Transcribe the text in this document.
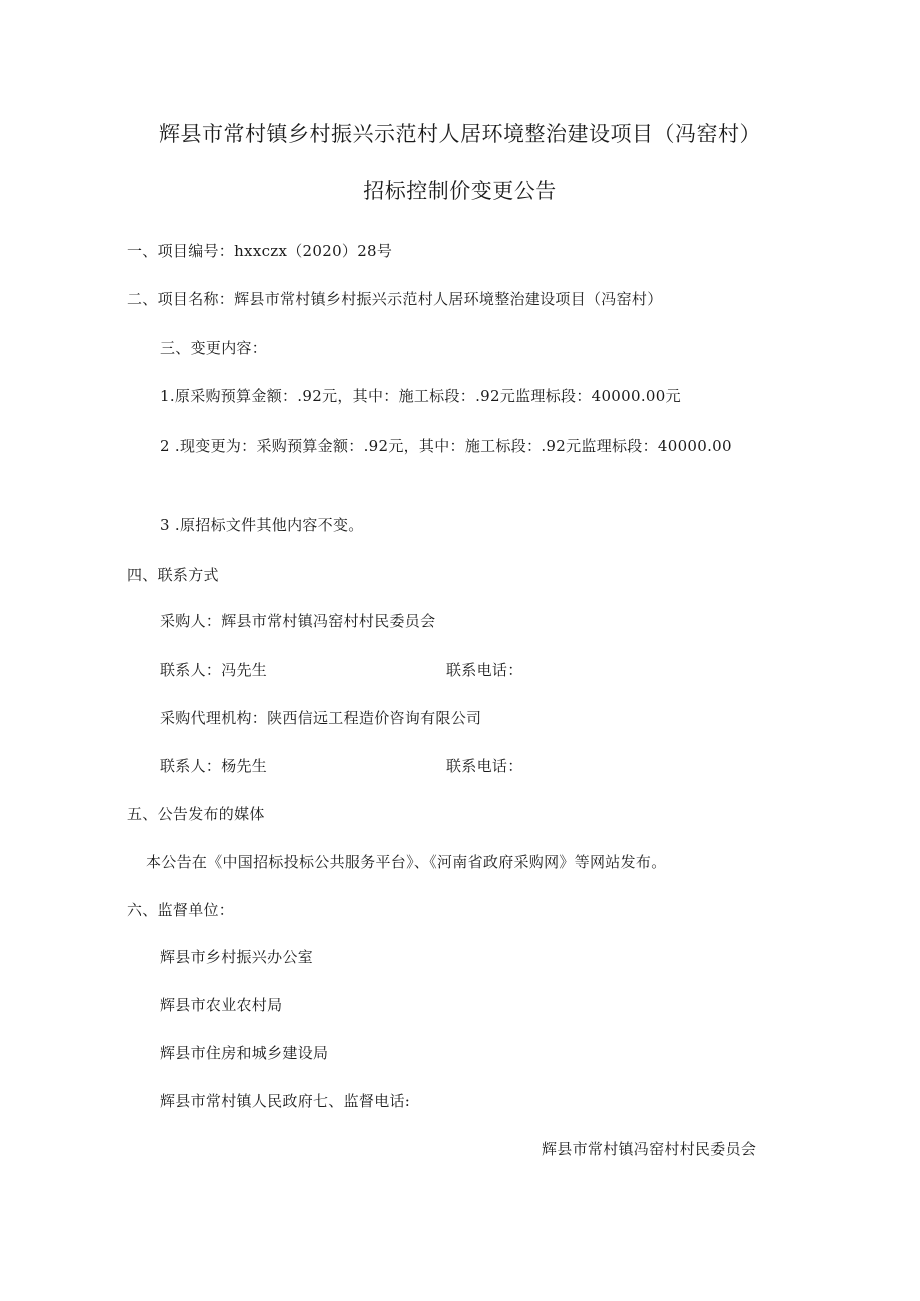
辉县市常村镇乡村振兴示范村人居环境整治建设项目（冯窑村）
招标控制价变更公告
一、项目编号：hxxczx（2020）28号
二、项目名称：辉县市常村镇乡村振兴示范村人居环境整治建设项目（冯窑村）
三、变更内容：
1.原采购预算金额：.92元，其中：施工标段：.92元监理标段：40000.00元
2 .现变更为：采购预算金额：.92元，其中：施工标段：.92元监理标段：40000.00
3 .原招标文件其他内容不变。
四、联系方式
采购人：辉县市常村镇冯窑村村民委员会
联系人：冯先生	联系电话：
采购代理机构：陕西信远工程造价咨询有限公司
联系人：杨先生	联系电话：
五、公告发布的媒体
本公告在《中国招标投标公共服务平台》、《河南省政府采购网》等网站发布。
六、监督单位：
辉县市乡村振兴办公室
辉县市农业农村局
辉县市住房和城乡建设局
辉县市常村镇人民政府七、监督电话:
辉县市常村镇冯窑村村民委员会
